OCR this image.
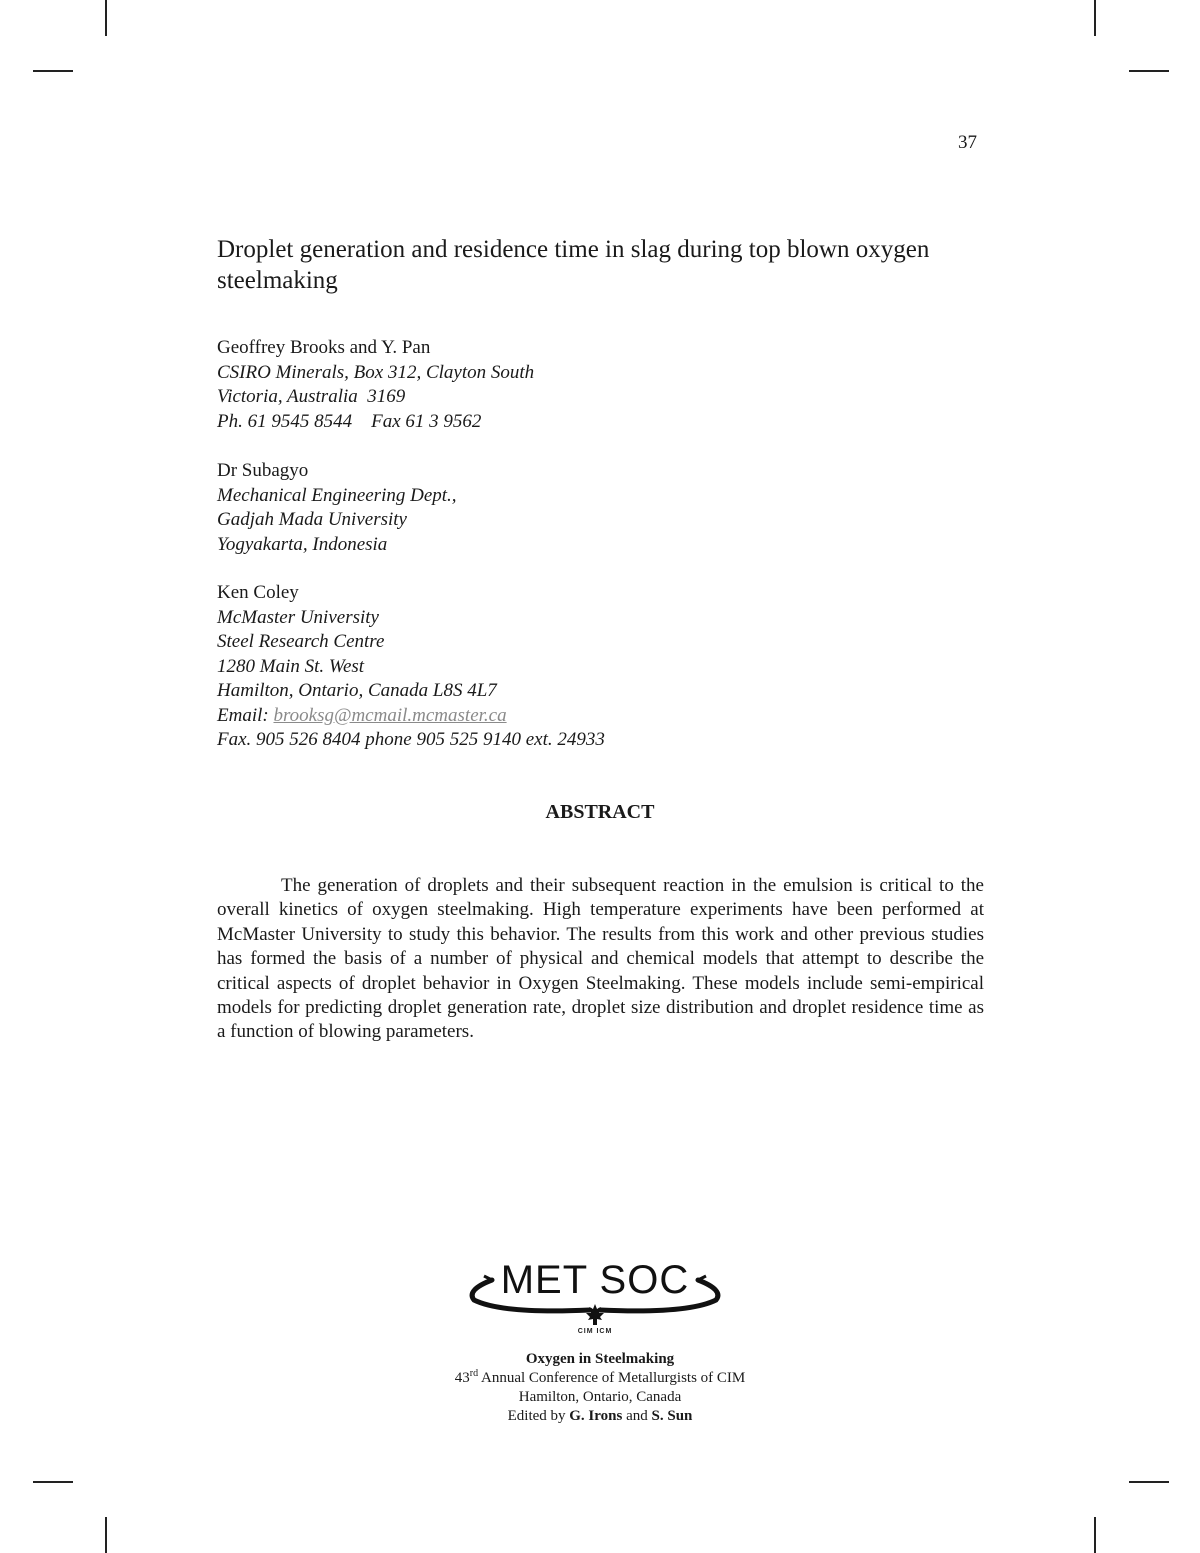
37
Droplet generation and residence time in slag during top blown oxygen steelmaking
Geoffrey Brooks and Y. Pan
CSIRO Minerals, Box 312, Clayton South
Victoria, Australia  3169
Ph. 61 9545 8544    Fax 61 3 9562
Dr Subagyo
Mechanical Engineering Dept.,
Gadjah Mada University
Yogyakarta, Indonesia
Ken Coley
McMaster University
Steel Research Centre
1280 Main St. West
Hamilton, Ontario, Canada L8S 4L7
Email: brooksg@mcmail.mcmaster.ca
Fax. 905 526 8404 phone 905 525 9140 ext. 24933
ABSTRACT

The generation of droplets and their subsequent reaction in the emulsion is critical to the overall kinetics of oxygen steelmaking. High temperature experiments have been performed at McMaster University to study this behavior. The results from this work and other previous studies has formed the basis of a number of physical and chemical models that attempt to describe the critical aspects of droplet behavior in Oxygen Steelmaking. These models include semi-empirical models for predicting droplet generation rate, droplet size distribution and droplet residence time as a function of blowing parameters.

MET SOC
CIM ICM
Oxygen in Steelmaking
43rd Annual Conference of Metallurgists of CIM
Hamilton, Ontario, Canada
Edited by G. Irons and S. Sun
